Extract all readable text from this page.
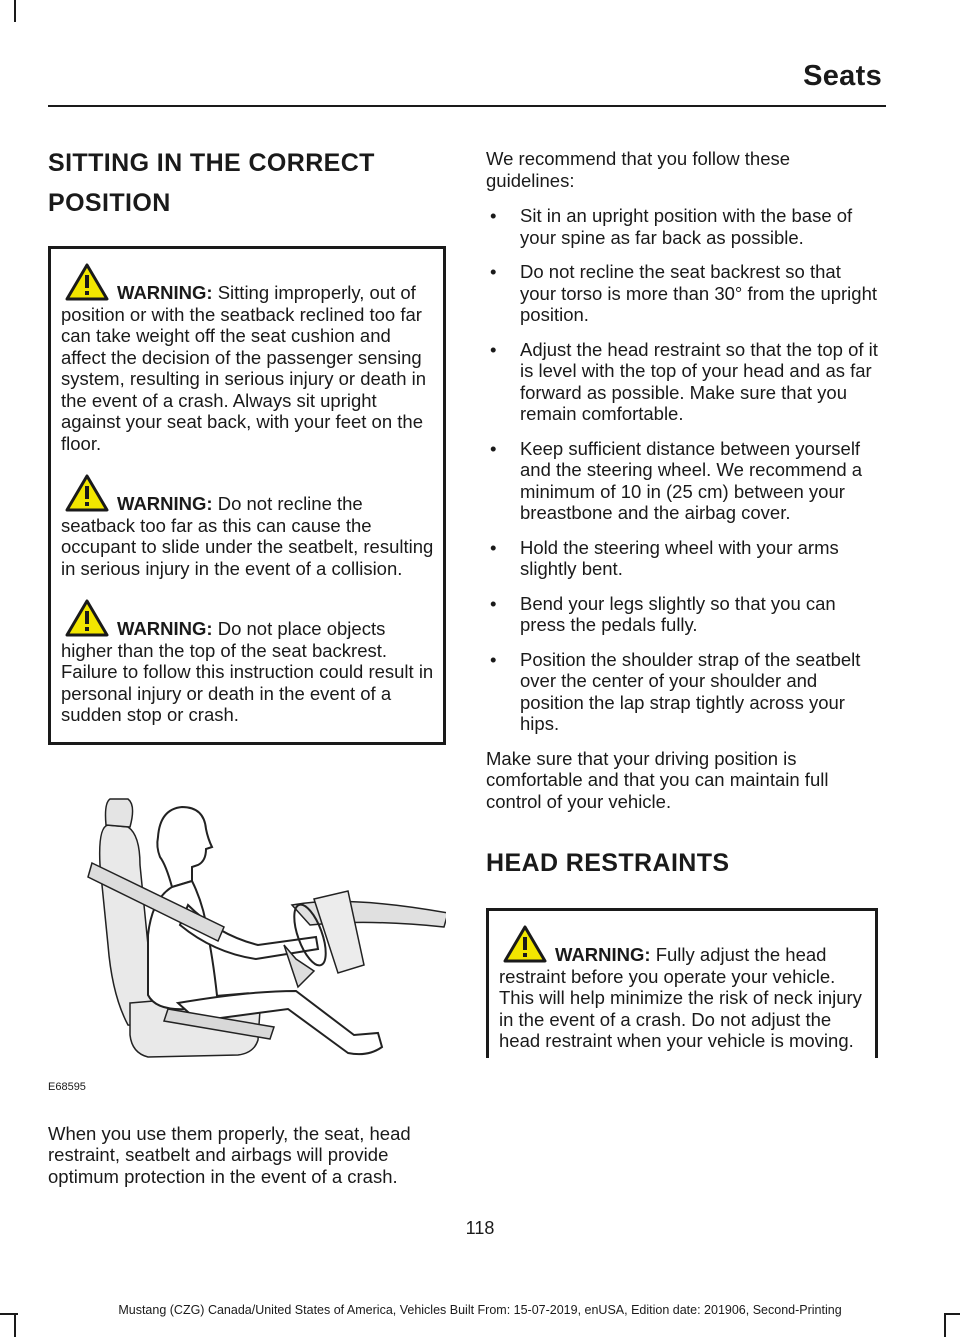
Seats
SITTING IN THE CORRECT
POSITION

WARNING: Sitting improperly, out of position or with the seatback reclined too far can take weight off the seat cushion and affect the decision of the passenger sensing system, resulting in serious injury or death in the event of a crash. Always sit upright against your seat back, with your feet on the floor.

WARNING: Do not recline the seatback too far as this can cause the occupant to slide under the seatbelt, resulting in serious injury in the event of a collision.

WARNING: Do not place objects higher than the top of the seat backrest. Failure to follow this instruction could result in personal injury or death in the event of a sudden stop or crash.

E68595

When you use them properly, the seat, head restraint, seatbelt and airbags will provide optimum protection in the event of a crash.

We recommend that you follow these guidelines:

• Sit in an upright position with the base of your spine as far back as possible.
• Do not recline the seat backrest so that your torso is more than 30° from the upright position.
• Adjust the head restraint so that the top of it is level with the top of your head and as far forward as possible. Make sure that you remain comfortable.
• Keep sufficient distance between yourself and the steering wheel. We recommend a minimum of 10 in (25 cm) between your breastbone and the airbag cover.
• Hold the steering wheel with your arms slightly bent.
• Bend your legs slightly so that you can press the pedals fully.
• Position the shoulder strap of the seatbelt over the center of your shoulder and position the lap strap tightly across your hips.

Make sure that your driving position is comfortable and that you can maintain full control of your vehicle.

HEAD RESTRAINTS

WARNING: Fully adjust the head restraint before you operate your vehicle. This will help minimize the risk of neck injury in the event of a crash. Do not adjust the head restraint when your vehicle is moving.

118
Mustang (CZG) Canada/United States of America, Vehicles Built From: 15-07-2019, enUSA, Edition date: 201906, Second-Printing
